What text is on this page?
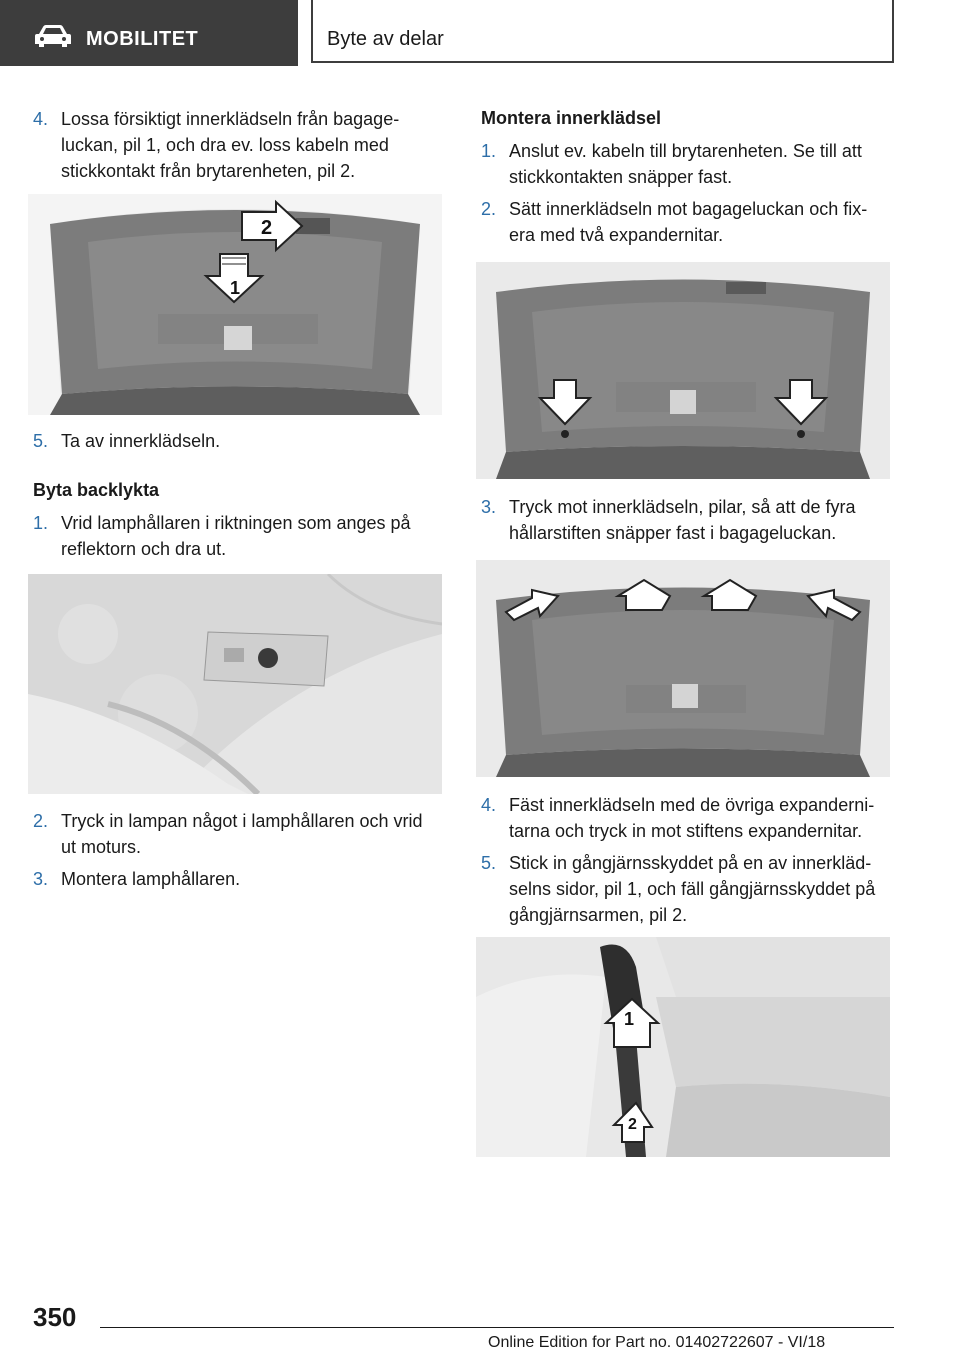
MOBILITET	Byte av delar
4. Lossa försiktigt innerklädseln från bagage-
luckan, pil 1, och dra ev. loss kabeln med
stickkontakt från brytarenheten, pil 2.
2
1
5. Ta av innerklädseln.
Byta backlykta
1. Vrid lamphållaren i riktningen som anges på
reflektorn och dra ut.
2. Tryck in lampan något i lamphållaren och vrid
ut moturs.
3. Montera lamphållaren.
Montera innerklädsel
1. Anslut ev. kabeln till brytarenheten. Se till att
stickkontakten snäpper fast.
2. Sätt innerklädseln mot bagageluckan och fix-
era med två expandernitar.
3. Tryck mot innerklädseln, pilar, så att de fyra
hållarstiften snäpper fast i bagageluckan.
4. Fäst innerklädseln med de övriga expanderni-
tarna och tryck in mot stiftens expandernitar.
5. Stick in gångjärnsskyddet på en av innerkläd-
selns sidor, pil 1, och fäll gångjärnsskyddet på
gångjärnsarmen, pil 2.
1
2
350
Online Edition for Part no. 01402722607 - VI/18
